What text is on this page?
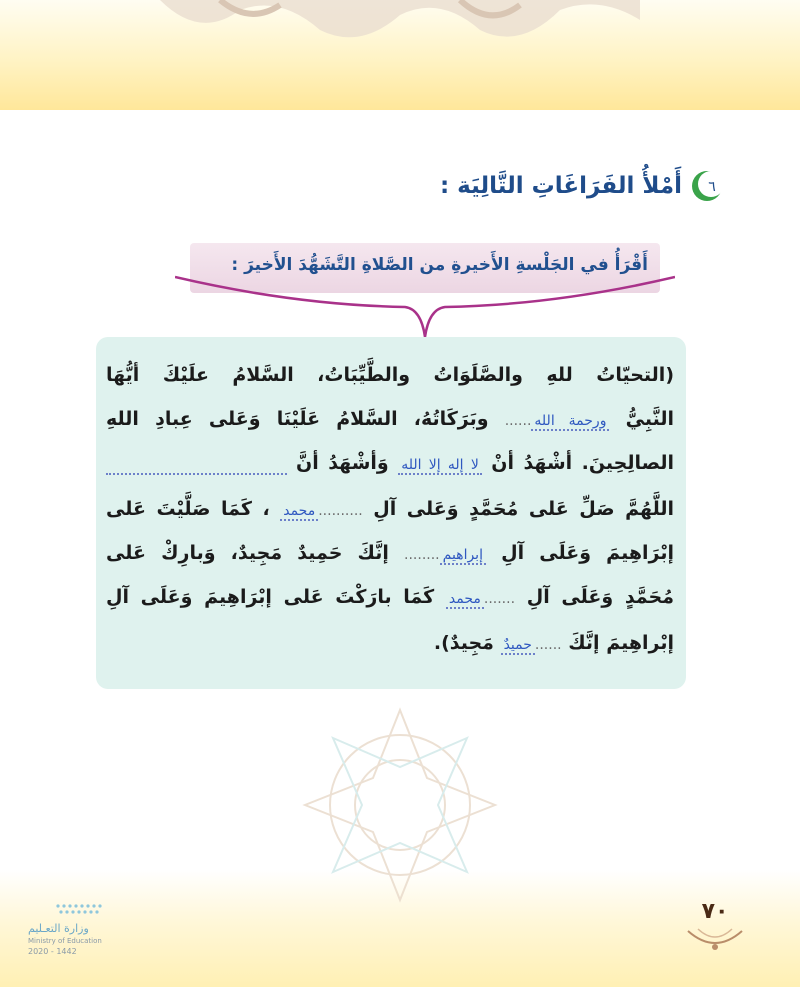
٦
أَمْلأُ الفَرَاغَاتِ التَّالِيَة :
أَقْرَأُ في الجَلْسةِ الأَخيرةِ من الصَّلاةِ التَّشَهُّدَ الأَخيرَ :
(التحيّاتُ للهِ والصَّلَوَاتُ والطَّيِّبَاتُ، السَّلامُ علَيْكَ أيُّهَا
النَّبِيُّ ورحمة الله...... وبَرَكَاتُهُ، السَّلامُ عَلَيْنَا وَعَلى عِبادِ اللهِ
الصالِحِينَ. أشْهَدُ أنْ لا إله إلا الله وَأشْهَدُ أنَّ
اللَّهُمَّ صَلِّ عَلى مُحَمَّدٍ وَعَلى آلِ ..........محمد ، كَمَا صَلَّيْتَ عَلى
إبْرَاهِيمَ وَعَلَى آلِ إبراهيم........ إنَّكَ حَمِيدٌ مَجِيدٌ، وَبارِكْ عَلى
مُحَمَّدٍ وَعَلَى آلِ .......محمد كَمَا بارَكْتَ عَلى إبْرَاهِيمَ وَعَلَى آلِ
إبْراهِيمَ إنَّكَ ......حميدٌ مَجِيدٌ).
٧٠
وزارة التعـليم
Ministry of Education
2020 - 1442
